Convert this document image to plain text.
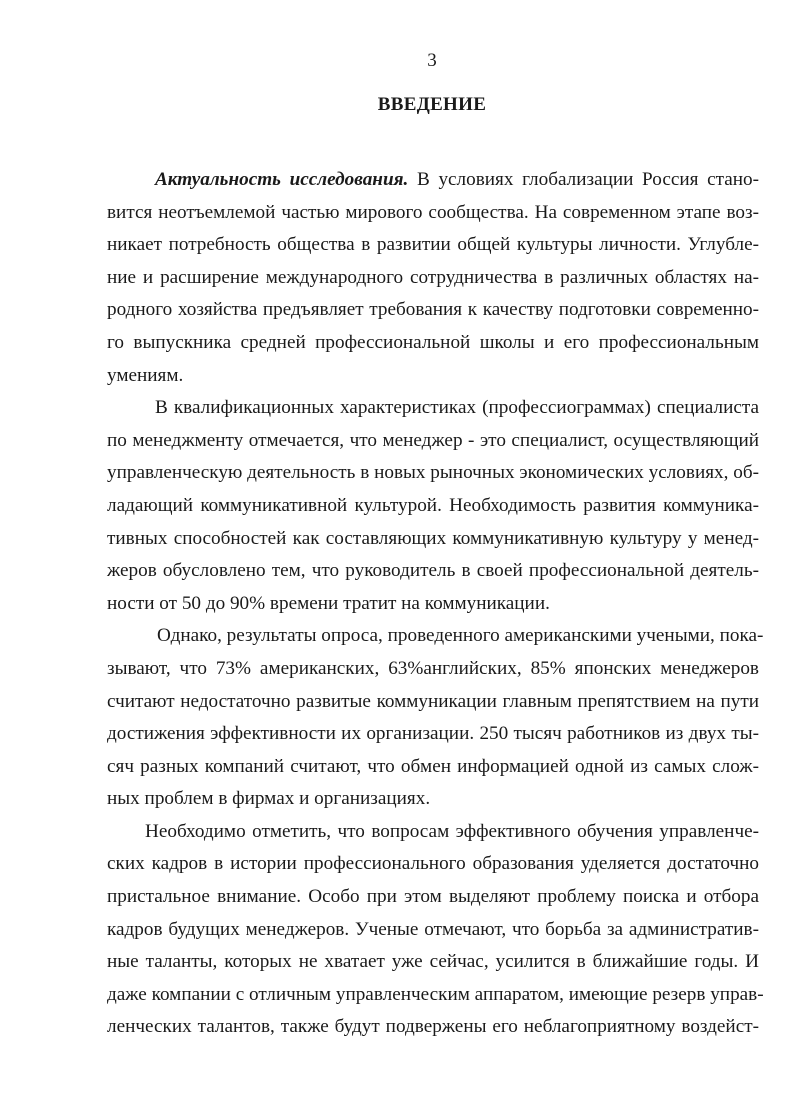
3
ВВЕДЕНИЕ
Актуальность исследования. В условиях глобализации Россия стано-
вится неотъемлемой частью мирового сообщества. На современном этапе воз-
никает потребность общества в развитии общей культуры личности. Углубле-
ние и расширение международного сотрудничества в различных областях на-
родного хозяйства предъявляет требования к качеству подготовки современно-
го выпускника средней профессиональной школы и его профессиональным
умениям.
В квалификационных характеристиках (профессиограммах) специалиста
по менеджменту отмечается, что менеджер - это специалист, осуществляющий
управленческую деятельность в новых рыночных экономических условиях, об-
ладающий коммуникативной культурой. Необходимость развития коммуника-
тивных способностей как составляющих коммуникативную культуру у менед-
жеров обусловлено тем, что руководитель в своей профессиональной деятель-
ности от 50 до 90% времени тратит на коммуникации.
Однако, результаты опроса, проведенного американскими учеными, пока-
зывают, что 73% американских, 63%английских, 85% японских менеджеров
считают недостаточно развитые коммуникации главным препятствием на пути
достижения эффективности их организации. 250 тысяч работников из двух ты-
сяч разных компаний считают, что обмен информацией одной из самых слож-
ных проблем в фирмах и организациях.
Необходимо отметить, что вопросам эффективного обучения управленче-
ских кадров в истории профессионального образования уделяется достаточно
пристальное внимание. Особо при этом выделяют проблему поиска и отбора
кадров будущих менеджеров. Ученые отмечают, что борьба за административ-
ные таланты, которых не хватает уже сейчас, усилится в ближайшие годы. И
даже компании с отличным управленческим аппаратом, имеющие резерв управ-
ленческих талантов, также будут подвержены его неблагоприятному воздейст-
